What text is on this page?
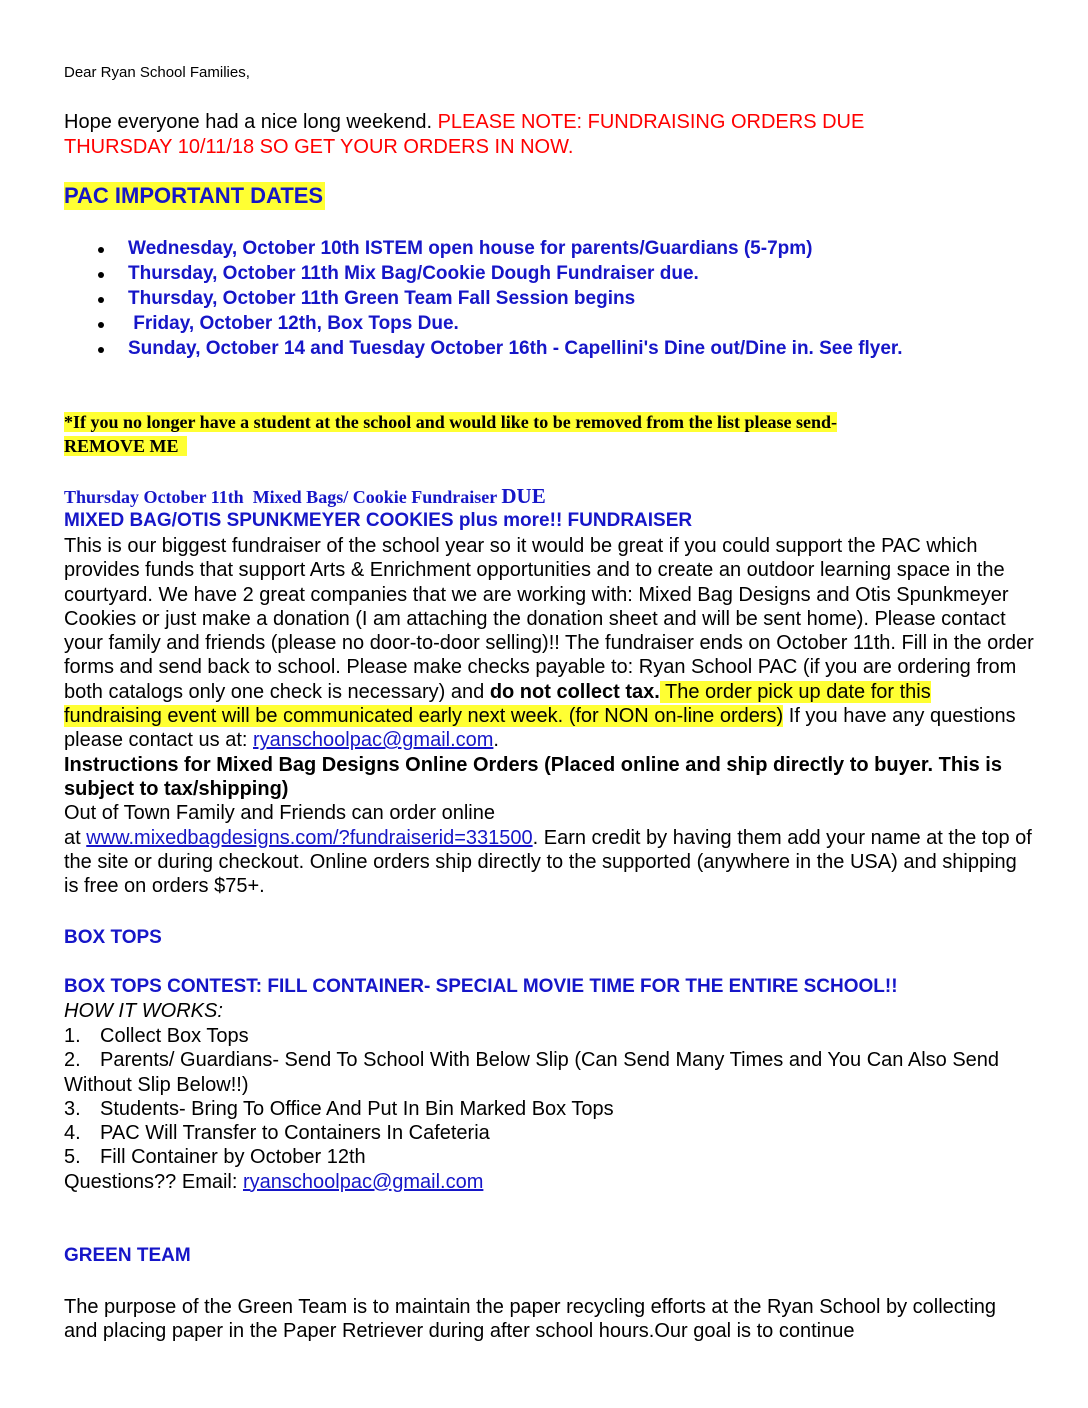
Dear Ryan School Families,
Hope everyone had a nice long weekend. PLEASE NOTE: FUNDRAISING ORDERS DUE
THURSDAY 10/11/18 SO GET YOUR ORDERS IN NOW.
PAC IMPORTANT DATES
Wednesday, October 10th ISTEM open house for parents/Guardians (5-7pm)
Thursday, October 11th Mix Bag/Cookie Dough Fundraiser due.
Thursday, October 11th Green Team Fall Session begins
Friday, October 12th, Box Tops Due.
Sunday, October 14 and Tuesday October 16th - Capellini's Dine out/Dine in. See flyer.
*If you no longer have a student at the school and would like to be removed from the list please send-
REMOVE ME
Thursday October 11th  Mixed Bags/ Cookie Fundraiser DUE
MIXED BAG/OTIS SPUNKMEYER COOKIES plus more!! FUNDRAISER
This is our biggest fundraiser of the school year so it would be great if you could support the PAC which provides funds that support Arts & Enrichment opportunities and to create an outdoor learning space in the courtyard. We have 2 great companies that we are working with: Mixed Bag Designs and Otis Spunkmeyer Cookies or just make a donation (I am attaching the donation sheet and will be sent home). Please contact your family and friends (please no door-to-door selling)!! The fundraiser ends on October 11th. Fill in the order forms and send back to school. Please make checks payable to: Ryan School PAC (if you are ordering from both catalogs only one check is necessary) and do not collect tax. The order pick up date for this fundraising event will be communicated early next week. (for NON on-line orders) If you have any questions please contact us at: ryanschoolpac@gmail.com.
Instructions for Mixed Bag Designs Online Orders (Placed online and ship directly to buyer. This is subject to tax/shipping)
Out of Town Family and Friends can order online
at www.mixedbagdesigns.com/?fundraiserid=331500. Earn credit by having them add your name at the top of the site or during checkout. Online orders ship directly to the supported (anywhere in the USA) and shipping is free on orders $75+.
BOX TOPS
BOX TOPS CONTEST: FILL CONTAINER- SPECIAL MOVIE TIME FOR THE ENTIRE SCHOOL!!
HOW IT WORKS:
1. Collect Box Tops
2. Parents/ Guardians- Send To School With Below Slip (Can Send Many Times and You Can Also Send Without Slip Below!!)
3. Students- Bring To Office And Put In Bin Marked Box Tops
4. PAC Will Transfer to Containers In Cafeteria
5. Fill Container by October 12th
Questions?? Email: ryanschoolpac@gmail.com
GREEN TEAM
The purpose of the Green Team is to maintain the paper recycling efforts at the Ryan School by collecting and placing paper in the Paper Retriever during after school hours.Our goal is to continue
